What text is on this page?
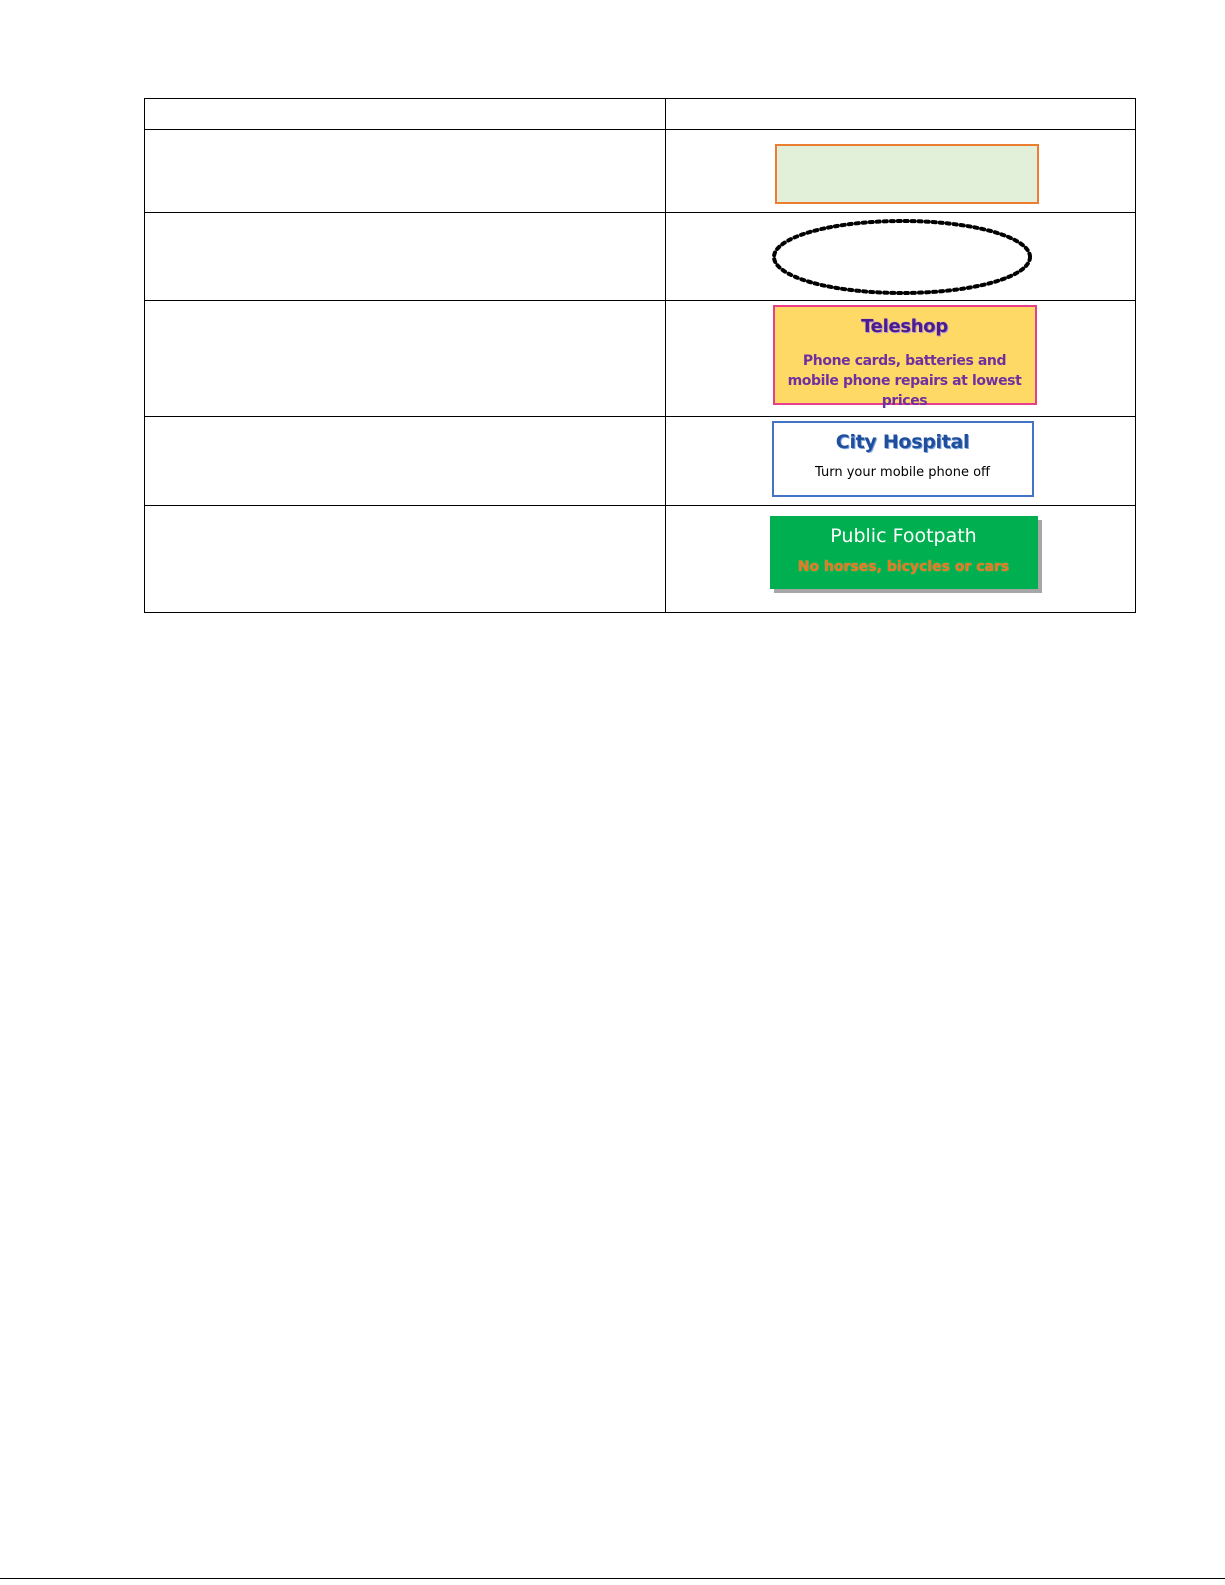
	Teleshop
Phone cards, batteries and mobile phone repairs at lowest prices

	City Hospital
Turn your mobile phone off

	Public Footpath
No horses, bicycles or cars
